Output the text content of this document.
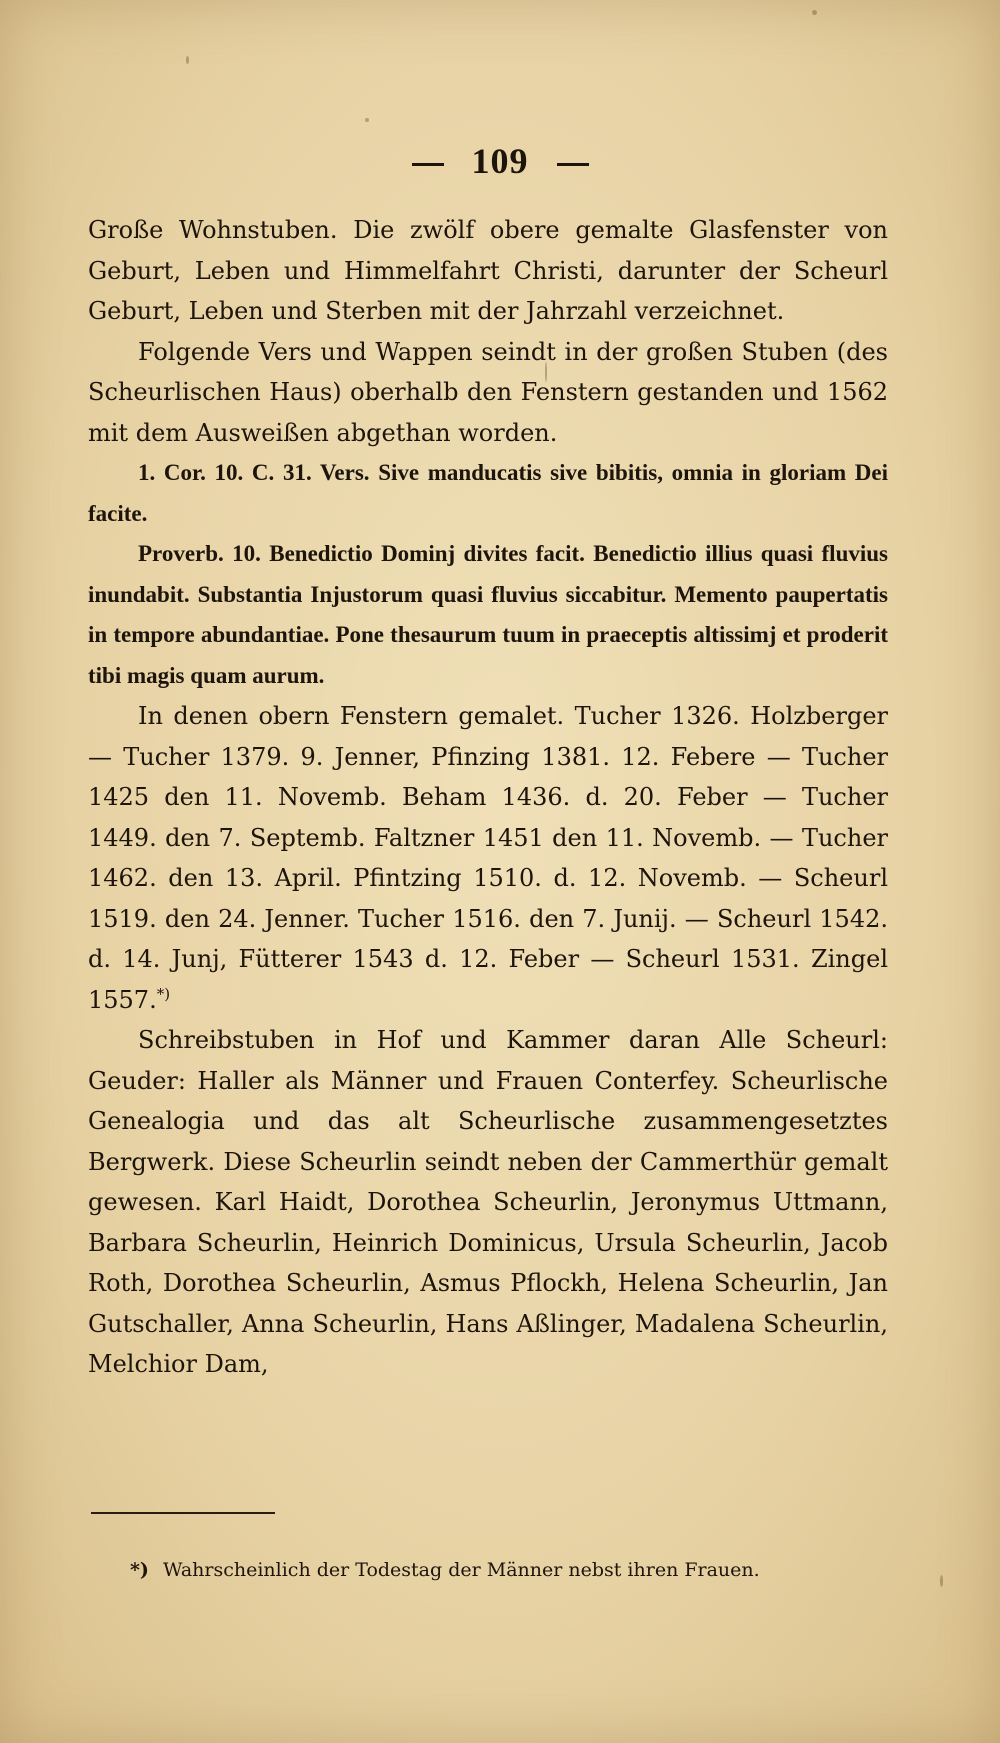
109

Große Wohnstuben. Die zwölf obere gemalte Glasfenster von Geburt, Leben und Himmelfahrt Christi, darunter der Scheurl Geburt, Leben und Sterben mit der Jahrzahl verzeichnet.

Folgende Vers und Wappen seindt in der großen Stuben (des Scheurlischen Haus) oberhalb den Fenstern gestanden und 1562 mit dem Ausweißen abgethan worden.

1. Cor. 10. C. 31. Vers. Sive manducatis sive bibitis, omnia in gloriam Dei facite.

Proverb. 10. Benedictio Dominj divites facit. Benedictio illius quasi fluvius inundabit. Substantia Injustorum quasi fluvius siccabitur. Memento paupertatis in tempore abundantiae. Pone thesaurum tuum in praeceptis altissimj et proderit tibi magis quam aurum.

In denen obern Fenstern gemalet. Tucher 1326. Holzberger — Tucher 1379. 9. Jenner, Pfinzing 1381. 12. Febere — Tucher 1425 den 11. Novemb. Beham 1436. d. 20. Feber — Tucher 1449. den 7. Septemb. Faltzner 1451 den 11. Novemb. — Tucher 1462. den 13. April. Pfintzing 1510. d. 12. Novemb. — Scheurl 1519. den 24. Jenner. Tucher 1516. den 7. Junij. — Scheurl 1542. d. 14. Junj, Fütterer 1543 d. 12. Feber — Scheurl 1531. Zingel 1557.*)

Schreibstuben in Hof und Kammer daran Alle Scheurl: Geuder: Haller als Männer und Frauen Conterfey. Scheurlische Genealogia und das alt Scheurlische zusammengesetztes Bergwerk. Diese Scheurlin seindt neben der Cammerthür gemalt gewesen. Karl Haidt, Dorothea Scheurlin, Jeronymus Uttmann, Barbara Scheurlin, Heinrich Dominicus, Ursula Scheurlin, Jacob Roth, Dorothea Scheurlin, Asmus Pflockh, Helena Scheurlin, Jan Gutschaller, Anna Scheurlin, Hans Aßlinger, Madalena Scheurlin, Melchior Dam,

*) Wahrscheinlich der Todestag der Männer nebst ihren Frauen.
